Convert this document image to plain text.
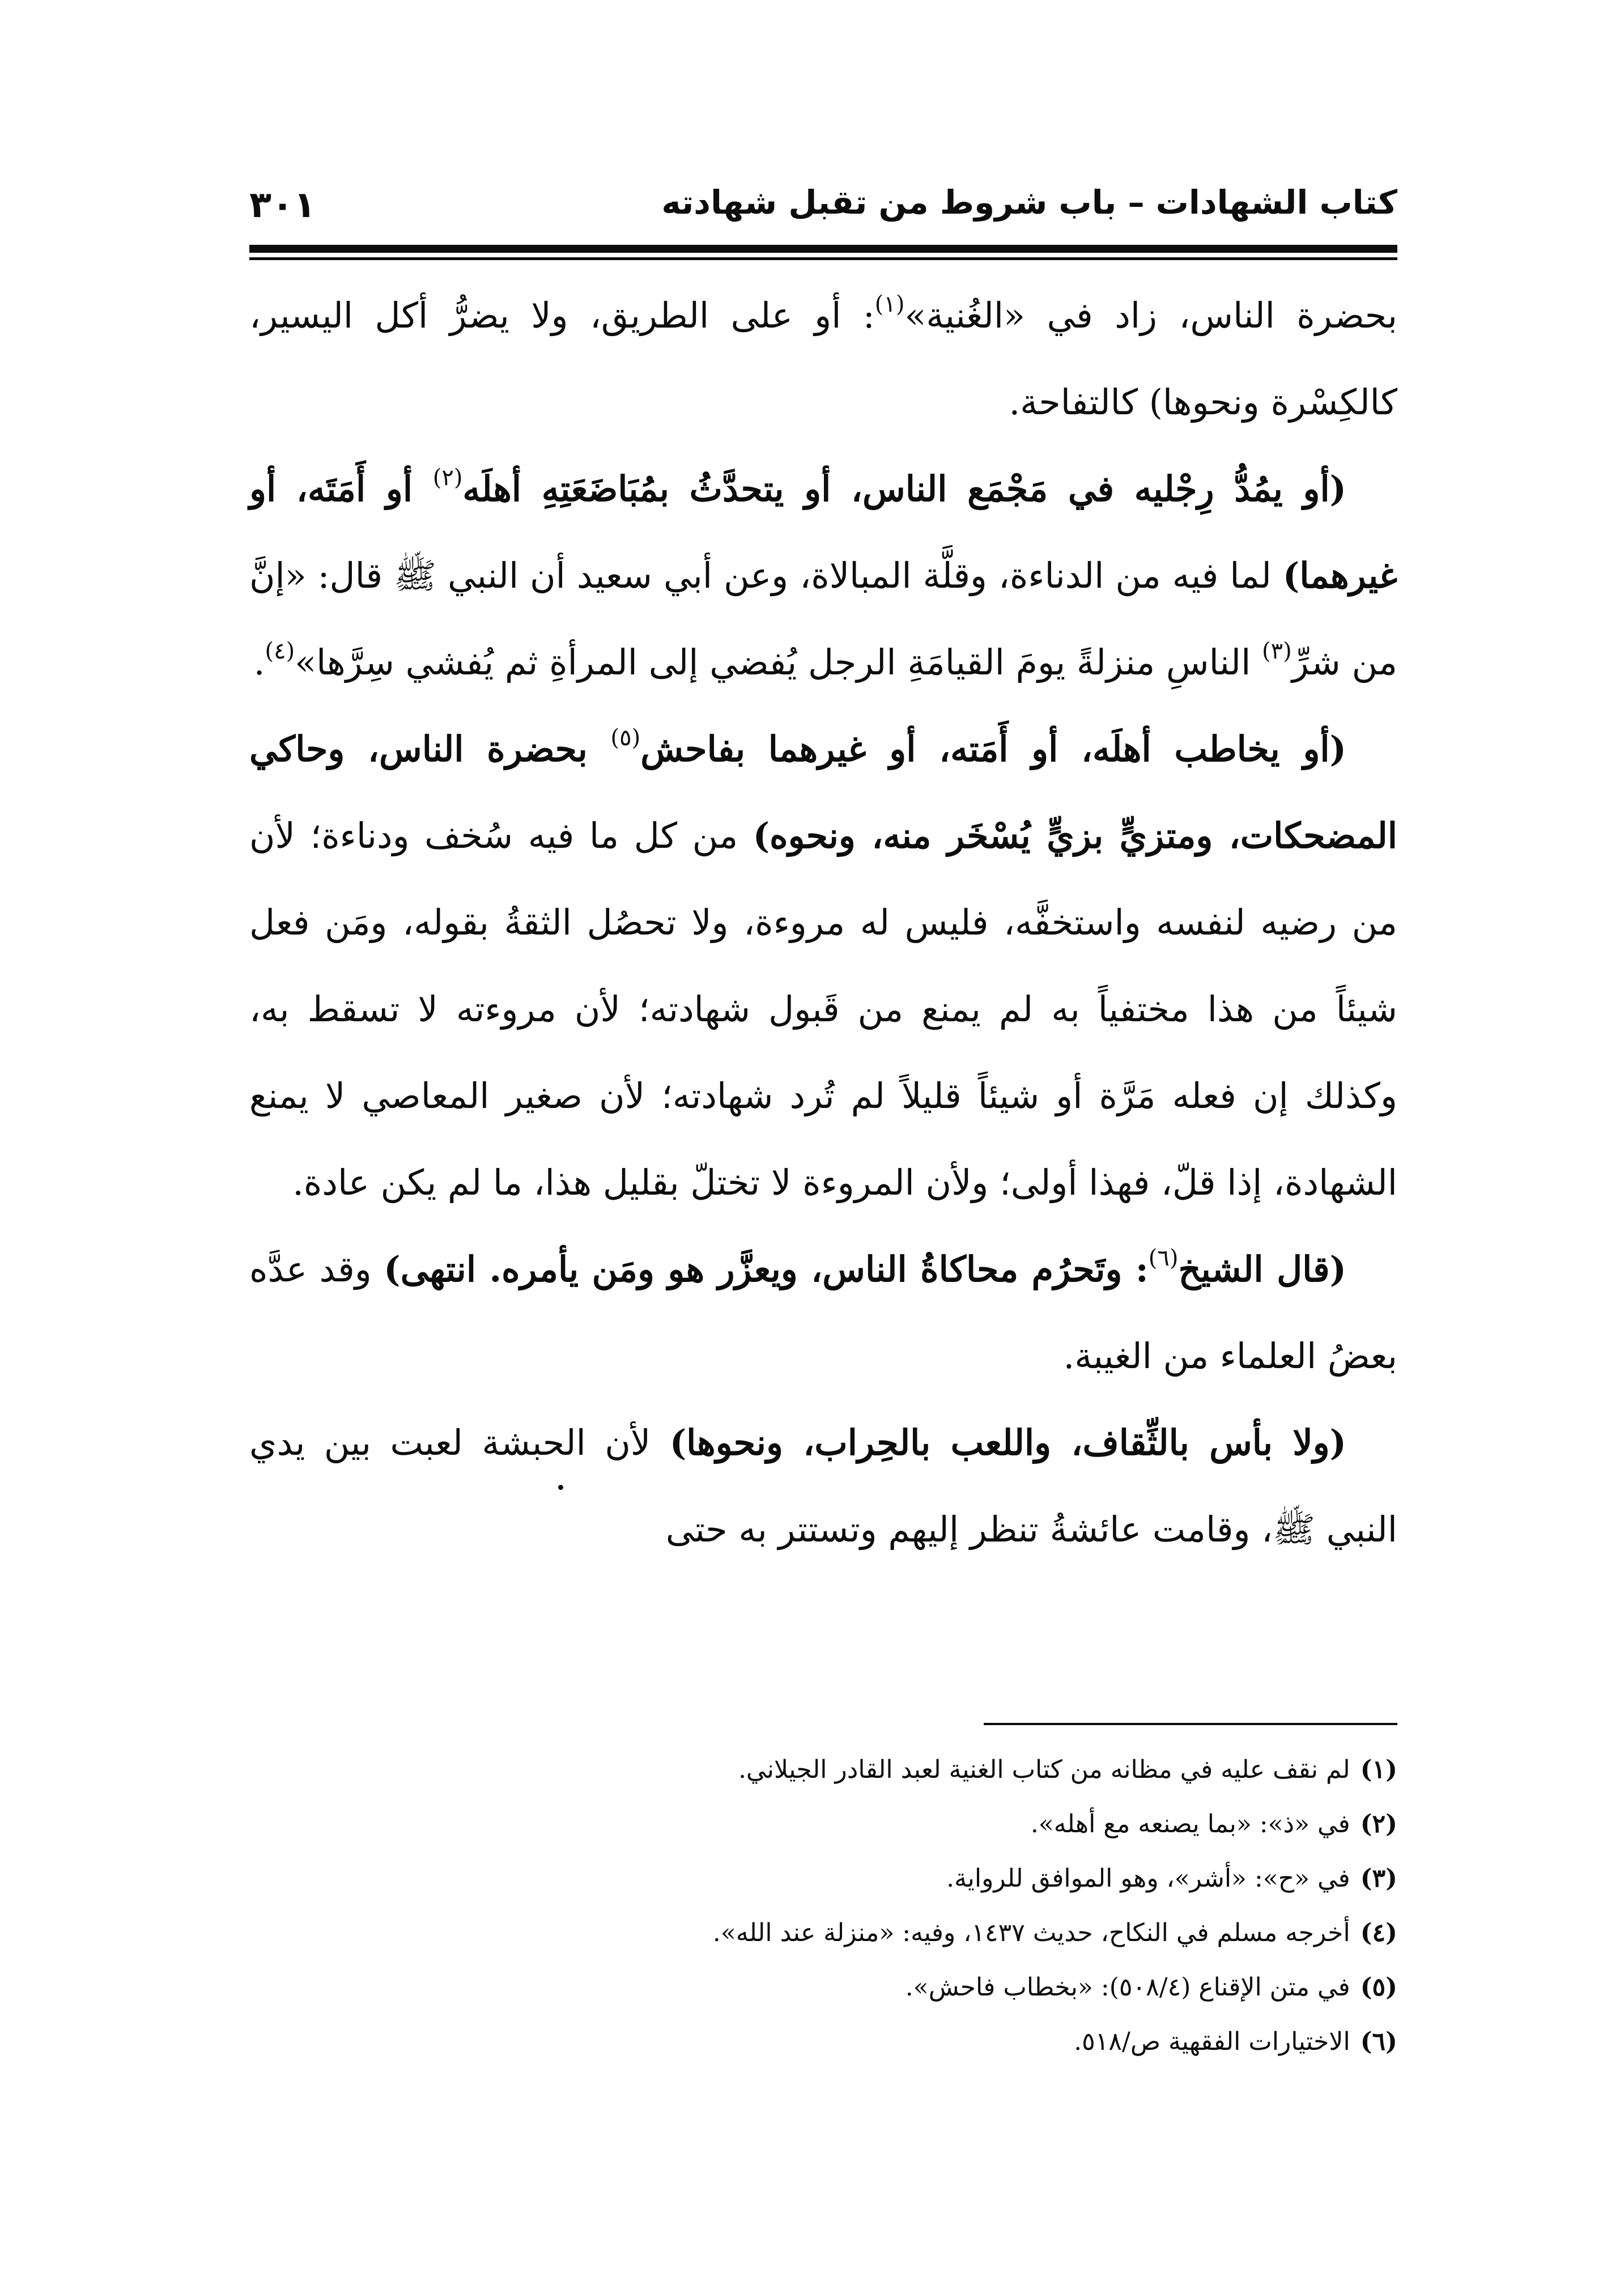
٣٠١	كتاب الشهادات – باب شروط من تقبل شهادته

بحضرة الناس، زاد في «الغُنية»$^{(١)}$: أو على الطريق، ولا يضرُّ أكل اليسير، كالكِسْرة ونحوها) كالتفاحة.

(أو يمُدُّ رِجْليه في مَجْمَع الناس، أو يتحدَّثُ بمُبَاضَعَتِهِ أهلَه$^{(٢)}$ أو أَمَتَه، أو غيرهما) لما فيه من الدناءة، وقلَّة المبالاة، وعن أبي سعيد أن النبي ﷺ قال: «إنَّ من شرِّ$^{(٣)}$ الناسِ منزلةً يومَ القيامَةِ الرجل يُفضي إلى المرأةِ ثم يُفشي سِرَّها»$^{(٤)}$.

(أو يخاطب أهلَه، أو أَمَته، أو غيرهما بفاحش$^{(٥)}$ بحضرة الناس، وحاكي المضحكات، ومتزيٍّ بزيٍّ يُسْخَر منه، ونحوه) من كل ما فيه سُخف ودناءة؛ لأن من رضيه لنفسه واستخفَّه، فليس له مروءة، ولا تحصُل الثقةُ بقوله، ومَن فعل شيئاً من هذا مختفياً به لم يمنع من قَبول شهادته؛ لأن مروءته لا تسقط به، وكذلك إن فعله مَرَّة أو شيئاً قليلاً لم تُرد شهادته؛ لأن صغير المعاصي لا يمنع الشهادة، إذا قلّ، فهذا أولى؛ ولأن المروءة لا تختلّ بقليل هذا، ما لم يكن عادة.

(قال الشيخ$^{(٦)}$: وتَحرُم محاكاةُ الناس، ويعزَّر هو ومَن يأمره. انتهى) وقد عدَّه بعضُ العلماء من الغيبة.

(ولا بأس بالثِّقاف، واللعب بالحِراب، ونحوها) لأن الحبشة لعبت بين يدي النبي ﷺ، وقامت عائشةُ تنظر إليهم وتستتر به حتى

(١)لم نقف عليه في مظانه من كتاب الغنية لعبد القادر الجيلاني.
(٢)في «ذ»: «بما يصنعه مع أهله».
(٣)في «ح»: «أشر»، وهو الموافق للرواية.
(٤)أخرجه مسلم في النكاح، حديث ١٤٣٧، وفيه: «منزلة عند الله».
(٥)في متن الإقناع (٥٠٨/٤): «بخطاب فاحش».
(٦)الاختيارات الفقهية ص/٥١٨.
